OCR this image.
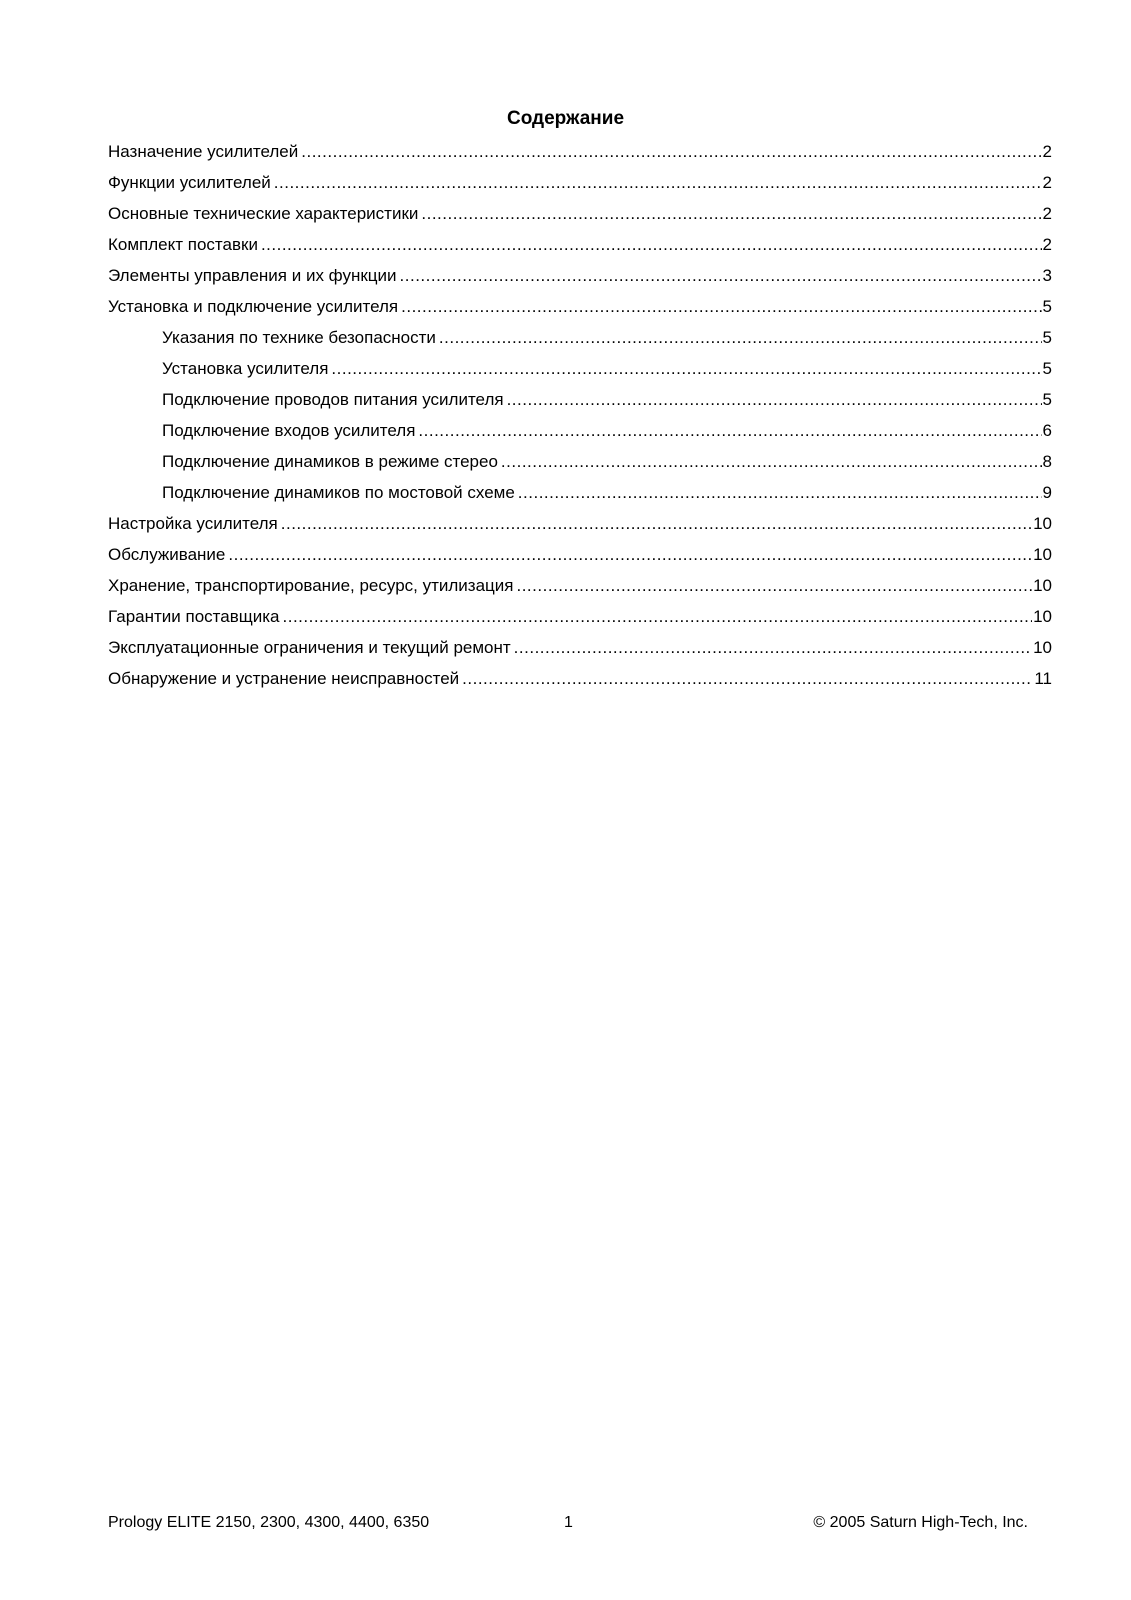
Содержание
Назначение усилителей .....	2
Функции усилителей .....	2
Основные технические характеристики .....	2
Комплект поставки .....	2
Элементы управления и их функции .....	3
Установка и подключение усилителя .....	5
Указания по технике безопасности .....	5
Установка усилителя .....	5
Подключение проводов питания усилителя .....	5
Подключение входов усилителя .....	6
Подключение динамиков в режиме стерео .....	8
Подключение динамиков по мостовой схеме .....	9
Настройка усилителя .....	10
Обслуживание .....	10
Хранение, транспортирование, ресурс, утилизация .....	10
Гарантии поставщика .....	10
Эксплуатационные ограничения и текущий ремонт .....	10
Обнаружение и устранение неисправностей .....	11
Prology ELITE 2150, 2300, 4300, 4400, 6350	1	© 2005 Saturn High-Tech, Inc.
